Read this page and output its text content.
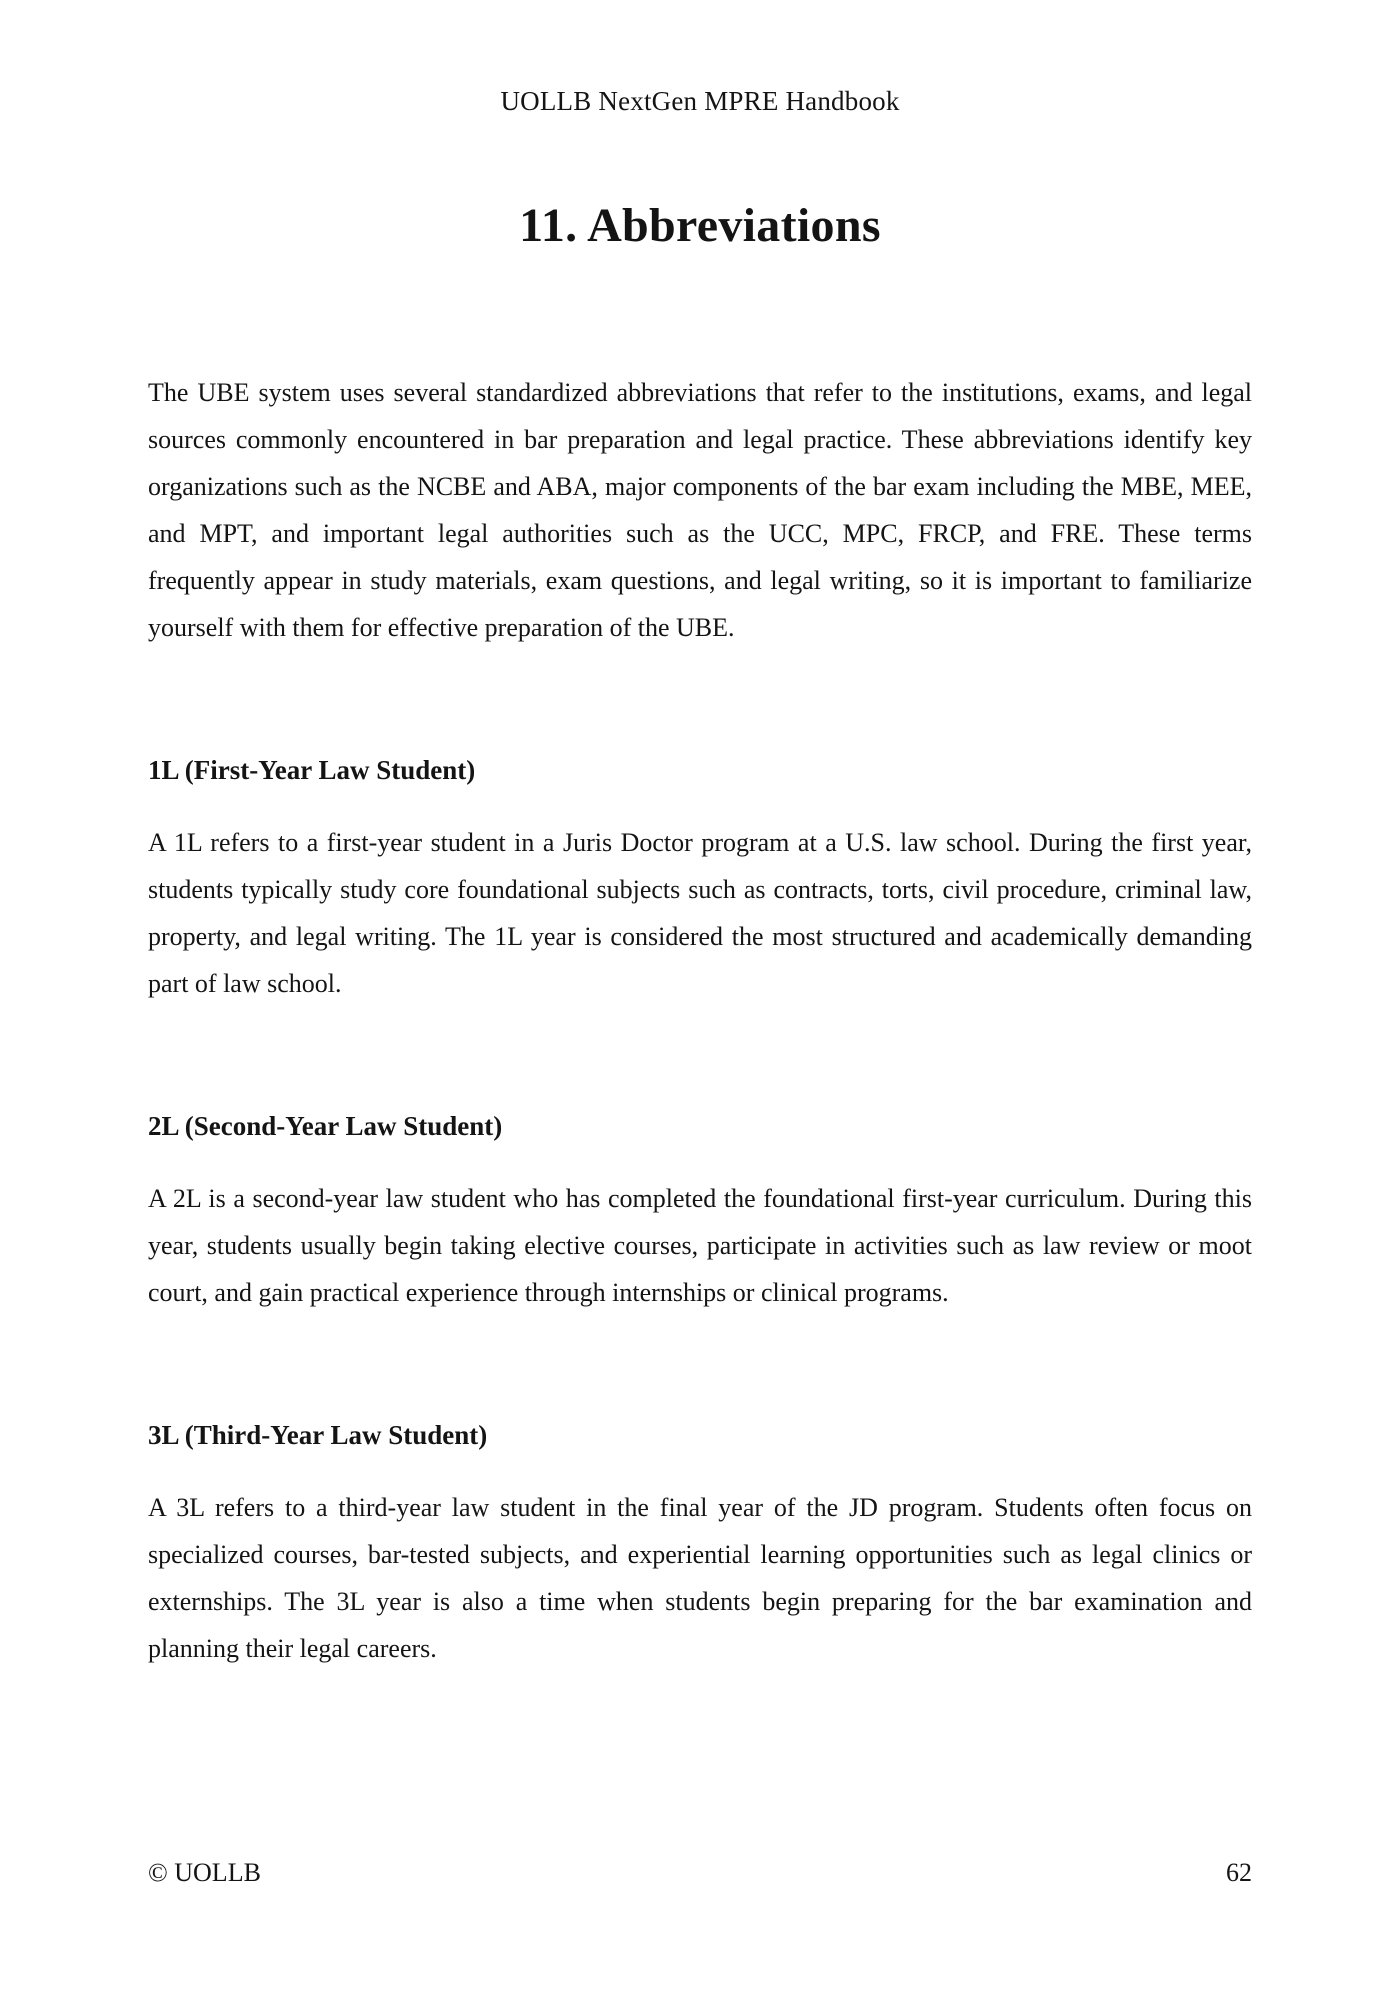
UOLLB NextGen MPRE Handbook
11. Abbreviations

The UBE system uses several standardized abbreviations that refer to the institutions, exams, and legal sources commonly encountered in bar preparation and legal practice. These abbreviations identify key organizations such as the NCBE and ABA, major components of the bar exam including the MBE, MEE, and MPT, and important legal authorities such as the UCC, MPC, FRCP, and FRE. These terms frequently appear in study materials, exam questions, and legal writing, so it is important to familiarize yourself with them for effective preparation of the UBE.

1L (First-Year Law Student)

A 1L refers to a first-year student in a Juris Doctor program at a U.S. law school. During the first year, students typically study core foundational subjects such as contracts, torts, civil procedure, criminal law, property, and legal writing. The 1L year is considered the most structured and academically demanding part of law school.

2L (Second-Year Law Student)

A 2L is a second-year law student who has completed the foundational first-year curriculum. During this year, students usually begin taking elective courses, participate in activities such as law review or moot court, and gain practical experience through internships or clinical programs.

3L (Third-Year Law Student)

A 3L refers to a third-year law student in the final year of the JD program. Students often focus on specialized courses, bar-tested subjects, and experiential learning opportunities such as legal clinics or externships. The 3L year is also a time when students begin preparing for the bar examination and planning their legal careers.

© UOLLB	62
